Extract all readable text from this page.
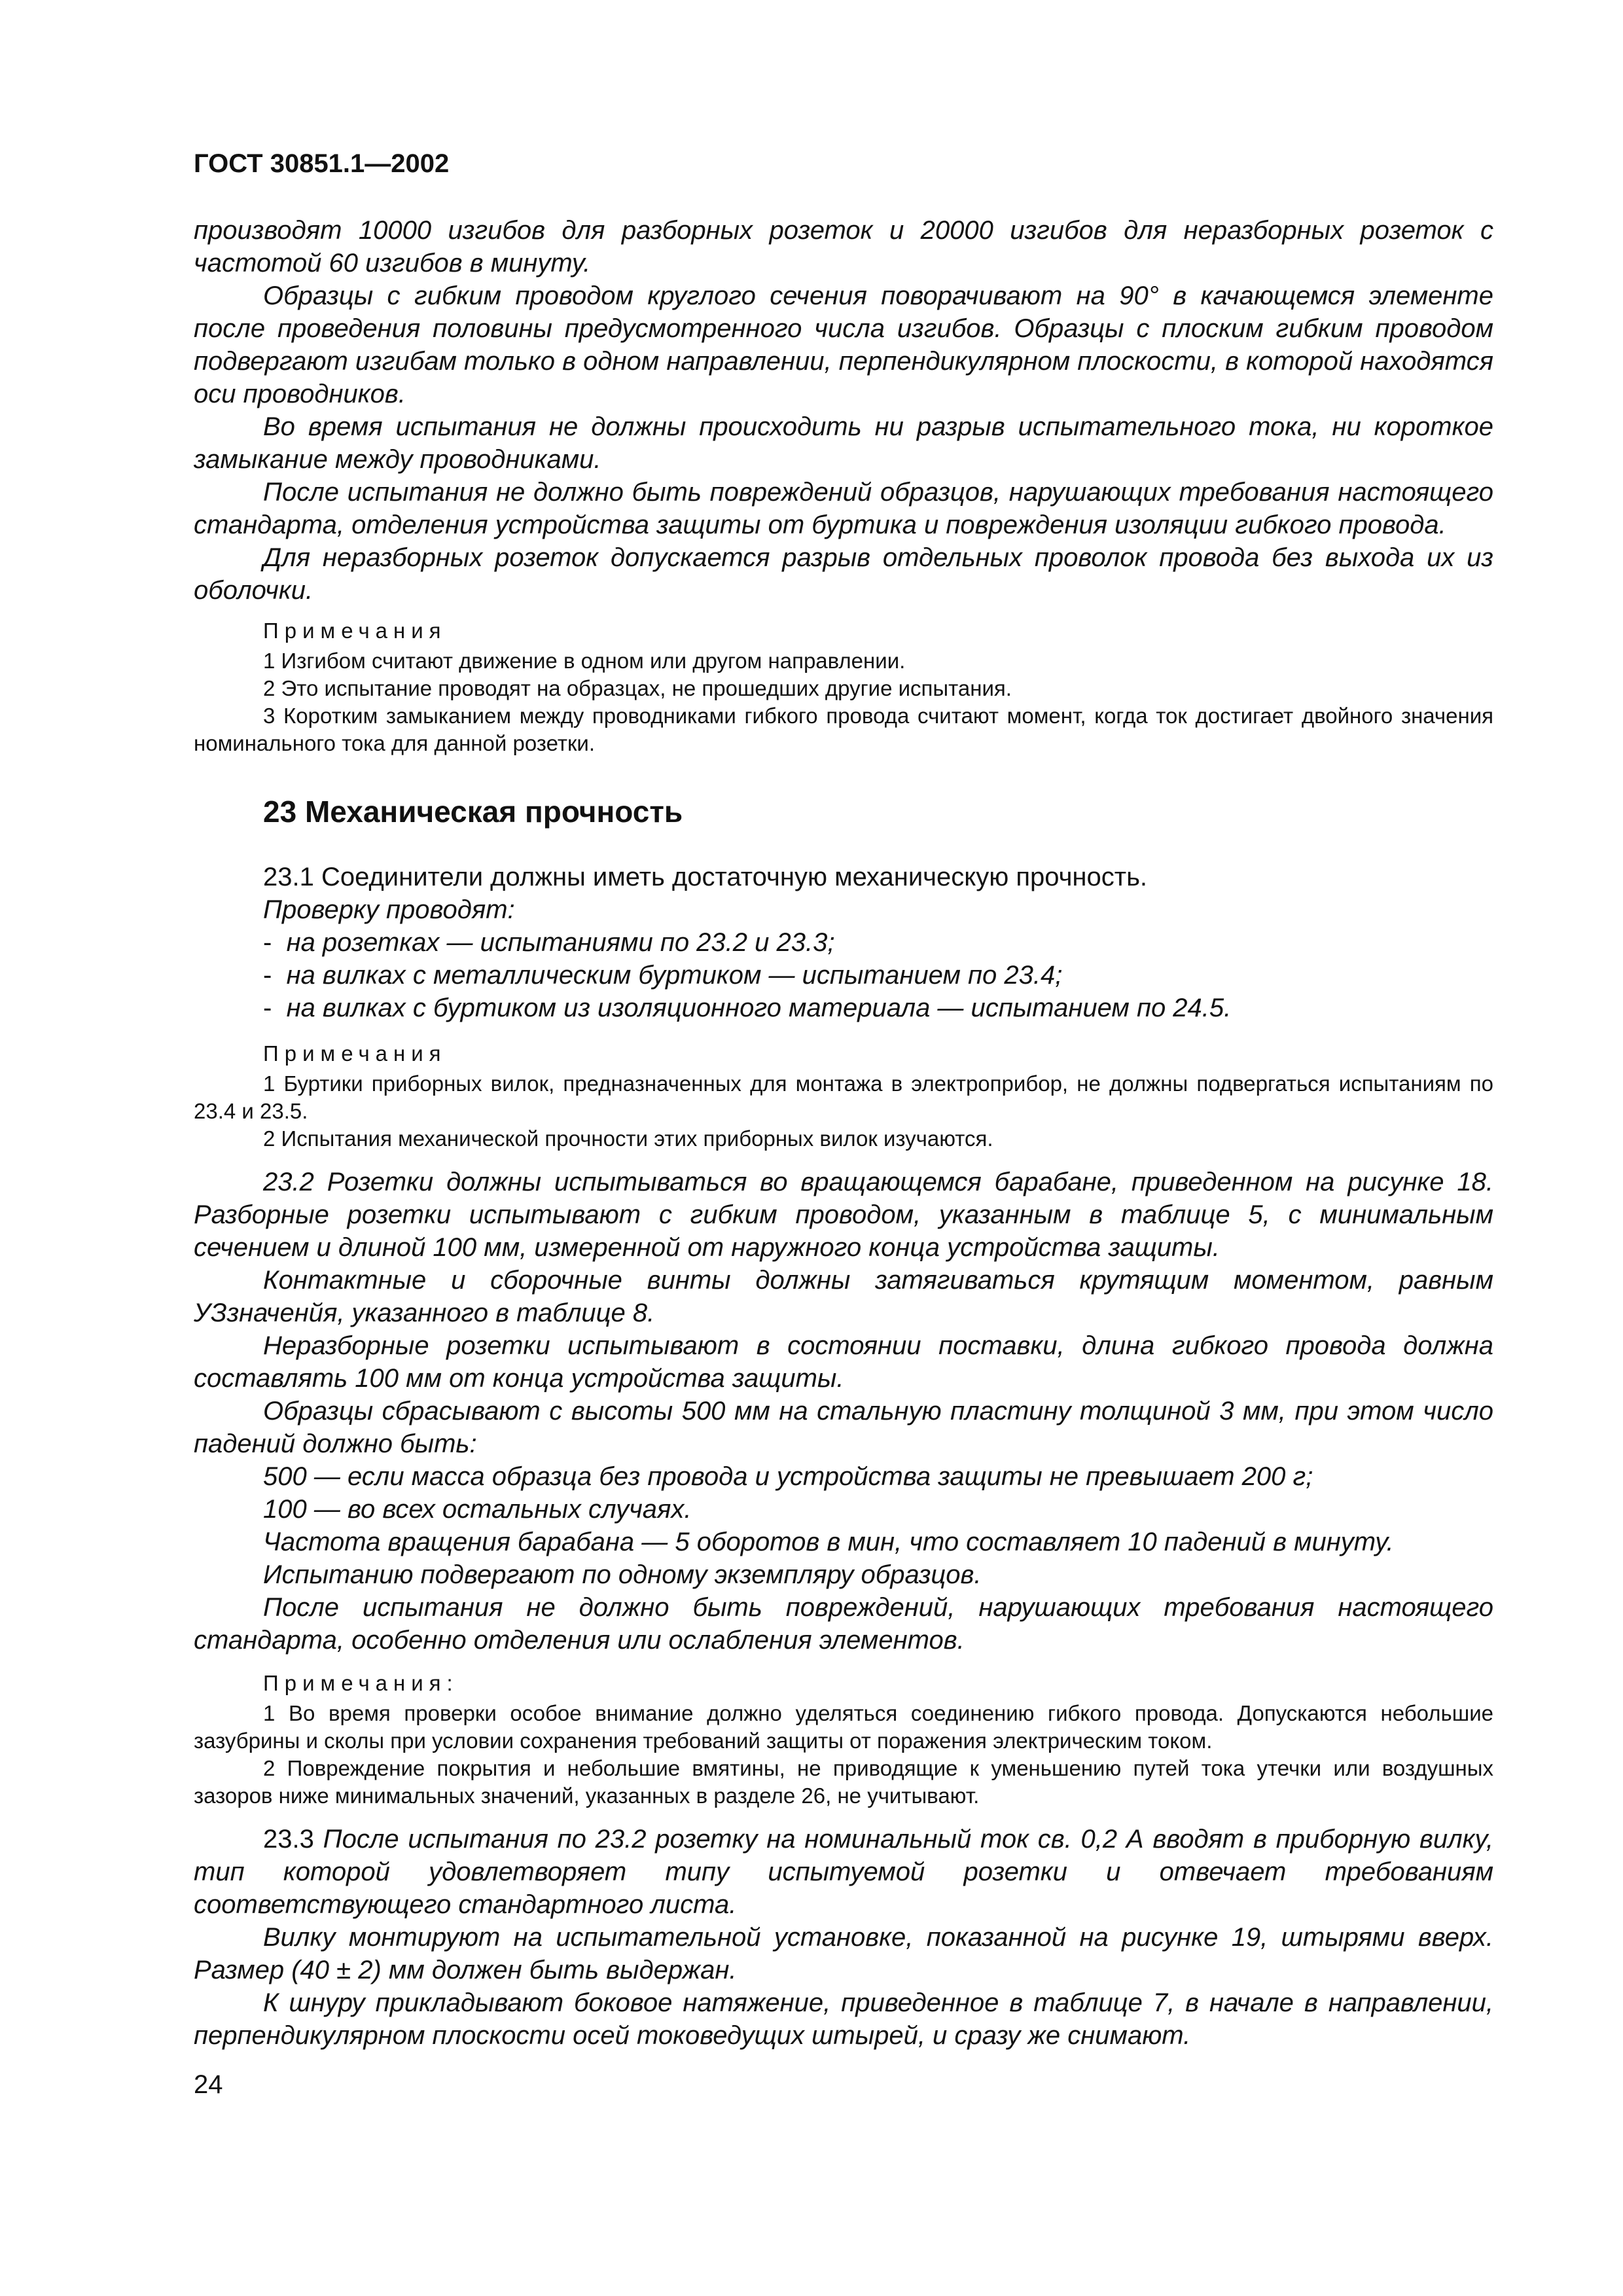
ГОСТ 30851.1—2002

производят 10000 изгибов для разборных розеток и 20000 изгибов для неразборных розеток с частотой 60 изгибов в минуту.

Образцы с гибким проводом круглого сечения поворачивают на 90° в качающемся элементе после проведения половины предусмотренного числа изгибов. Образцы с плоским гибким проводом подвергают изгибам только в одном направлении, перпендикулярном плоскости, в которой находятся оси проводников.

Во время испытания не должны происходить ни разрыв испытательного тока, ни короткое замыкание между проводниками.

После испытания не должно быть повреждений образцов, нарушающих требования настоящего стандарта, отделения устройства защиты от буртика и повреждения изоляции гибкого провода.

Для неразборных розеток допускается разрыв отдельных проволок провода без выхода их из оболочки.

Примечания

1 Изгибом считают движение в одном или другом направлении.

2 Это испытание проводят на образцах, не прошедших другие испытания.

3 Коротким замыканием между проводниками гибкого провода считают момент, когда ток достигает двойного значения номинального тока для данной розетки.

23 Механическая прочность

23.1 Соединители должны иметь достаточную механическую прочность.

Проверку проводят:

- на розетках — испытаниями по 23.2 и 23.3;

- на вилках с металлическим буртиком — испытанием по 23.4;

- на вилках с буртиком из изоляционного материала — испытанием по 24.5.

Примечания

1 Буртики приборных вилок, предназначенных для монтажа в электроприбор, не должны подвергаться испытаниям по 23.4 и 23.5.

2 Испытания механической прочности этих приборных вилок изучаются.

23.2 Розетки должны испытываться во вращающемся барабане, приведенном на рисунке 18. Разборные розетки испытывают с гибким проводом, указанным в таблице 5, с минимальным сечением и длиной 100 мм, измеренной от наружного конца устройства защиты.

Контактные и сборочные винты должны затягиваться крутящим моментом, равным УЗзначенйя, указанного в таблице 8.

Неразборные розетки испытывают в состоянии поставки, длина гибкого провода должна составлять 100 мм от конца устройства защиты.

Образцы сбрасывают с высоты 500 мм на стальную пластину толщиной 3 мм, при этом число падений должно быть:

500 — если масса образца без провода и устройства защиты не превышает 200 г;

100 — во всех остальных случаях.

Частота вращения барабана — 5 оборотов в мин, что составляет 10 падений в минуту.

Испытанию подвергают по одному экземпляру образцов.

После испытания не должно быть повреждений, нарушающих требования настоящего стандарта, особенно отделения или ослабления элементов.

Примечания:

1 Во время проверки особое внимание должно уделяться соединению гибкого провода. Допускаются небольшие зазубрины и сколы при условии сохранения требований защиты от поражения электрическим током.

2 Повреждение покрытия и небольшие вмятины, не приводящие к уменьшению путей тока утечки или воздушных зазоров ниже минимальных значений, указанных в разделе 26, не учитывают.

23.3 После испытания по 23.2 розетку на номинальный ток св. 0,2 А вводят в приборную вилку, тип которой удовлетворяет типу испытуемой розетки и отвечает требованиям соответствующего стандартного листа.

Вилку монтируют на испытательной установке, показанной на рисунке 19, штырями вверх. Размер (40 ± 2) мм должен быть выдержан.

К шнуру прикладывают боковое натяжение, приведенное в таблице 7, в начале в направлении, перпендикулярном плоскости осей токоведущих штырей, и сразу же снимают.

24
